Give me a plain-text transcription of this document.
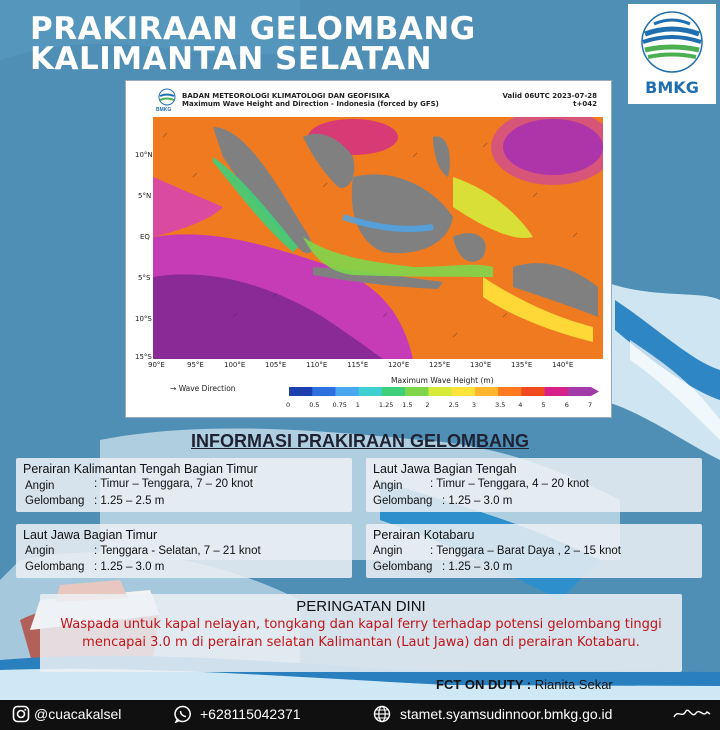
PRAKIRAAN GELOMBANG
KALIMANTAN SELATAN
BMKG
BMKG
BADAN METEOROLOGI KLIMATOLOGI DAN GEOFISIKA
Maximum Wave Height and Direction - Indonesia (forced by GFS)
Valid 06UTC 2023-07-28
t+042
10°N
5°N
EQ
5°S
10°S
15°S
90°E	95°E	100°E	105°E	110°E	115°E	120°E	125°E	130°E	135°E	140°E
→ Wave Direction
Maximum Wave Height (m)
0	0.5 0.75 1	1.25 1.5 2	2.5 3	3.5 4	5	6	7
INFORMASI PRAKIRAAN GELOMBANG
Perairan Kalimantan Tengah Bagian Timur
Angin	: Timur – Tenggara, 7 – 20 knot
Gelombang : 1.25 – 2.5 m
Laut Jawa Bagian Tengah
Angin : Timur – Tenggara, 4 – 20 knot
Gelombang : 1.25 – 3.0 m
Laut Jawa Bagian Timur
Angin	: Tenggara - Selatan, 7 – 21 knot
Gelombang : 1.25 – 3.0 m
Perairan Kotabaru
Angin : Tenggara – Barat Daya , 2 – 15 knot
Gelombang : 1.25 – 3.0 m
PERINGATAN DINI
Waspada untuk kapal nelayan, tongkang dan kapal ferry terhadap potensi gelombang tinggi
mencapai 3.0 m di perairan selatan Kalimantan (Laut Jawa) dan di perairan Kotabaru.
FCT ON DUTY : Rianita Sekar
@cuacakalsel	+628115042371	stamet.syamsudinnoor.bmkg.go.id
